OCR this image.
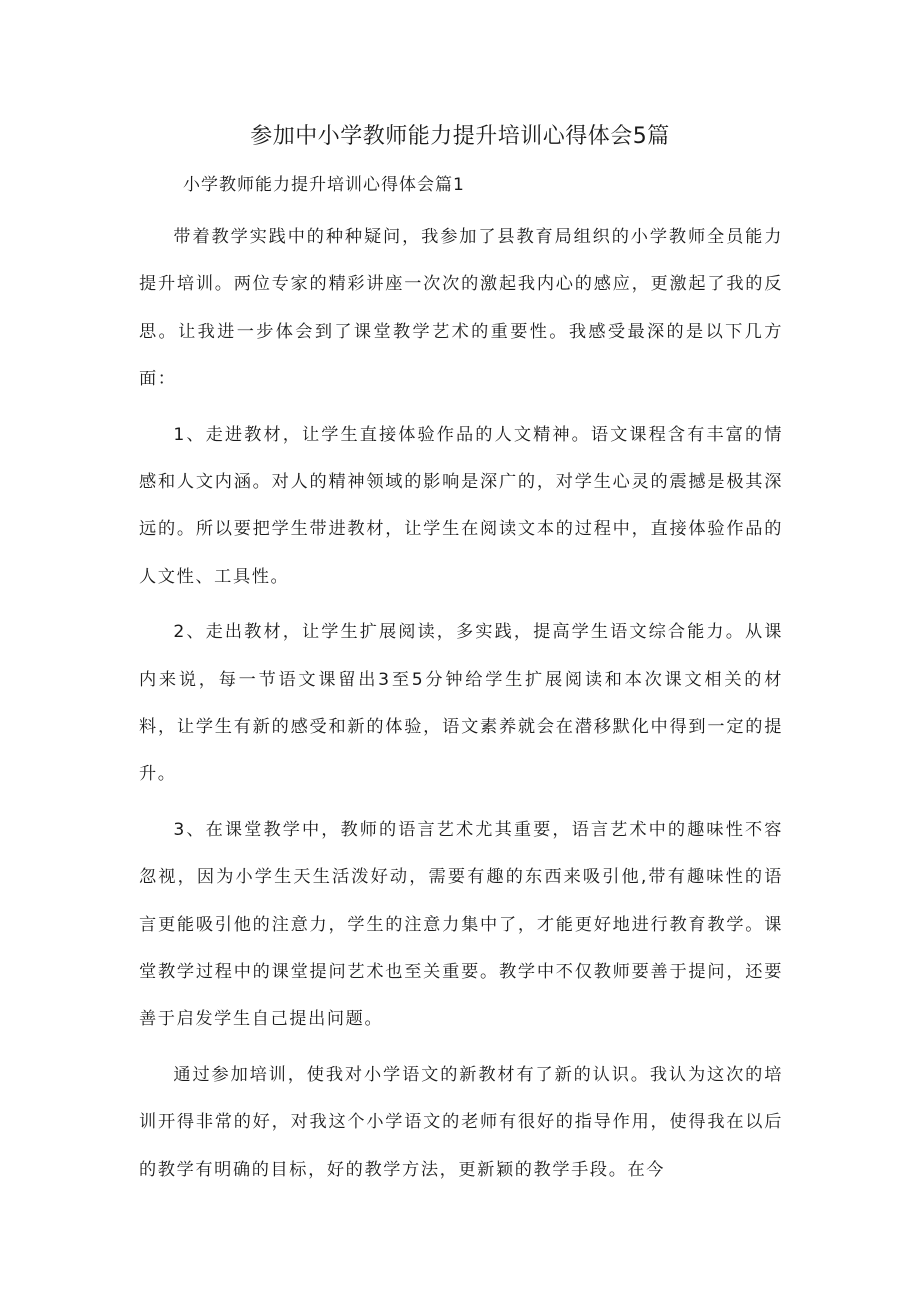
参加中小学教师能力提升培训心得体会5篇
小学教师能力提升培训心得体会篇1

带着教学实践中的种种疑问，我参加了县教育局组织的小学教师全员能力提升培训。两位专家的精彩讲座一次次的激起我内心的感应，更激起了我的反思。让我进一步体会到了课堂教学艺术的重要性。我感受最深的是以下几方面：

1、走进教材，让学生直接体验作品的人文精神。语文课程含有丰富的情感和人文内涵。对人的精神领域的影响是深广的，对学生心灵的震撼是极其深远的。所以要把学生带进教材，让学生在阅读文本的过程中，直接体验作品的人文性、工具性。

2、走出教材，让学生扩展阅读，多实践，提高学生语文综合能力。从课内来说，每一节语文课留出3至5分钟给学生扩展阅读和本次课文相关的材料，让学生有新的感受和新的体验，语文素养就会在潜移默化中得到一定的提升。

3、在课堂教学中，教师的语言艺术尤其重要，语言艺术中的趣味性不容忽视，因为小学生天生活泼好动，需要有趣的东西来吸引他,带有趣味性的语言更能吸引他的注意力，学生的注意力集中了，才能更好地进行教育教学。课堂教学过程中的课堂提问艺术也至关重要。教学中不仅教师要善于提问，还要善于启发学生自己提出问题。

通过参加培训，使我对小学语文的新教材有了新的认识。我认为这次的培训开得非常的好，对我这个小学语文的老师有很好的指导作用，使得我在以后的教学有明确的目标，好的教学方法，更新颖的教学手段。在今
